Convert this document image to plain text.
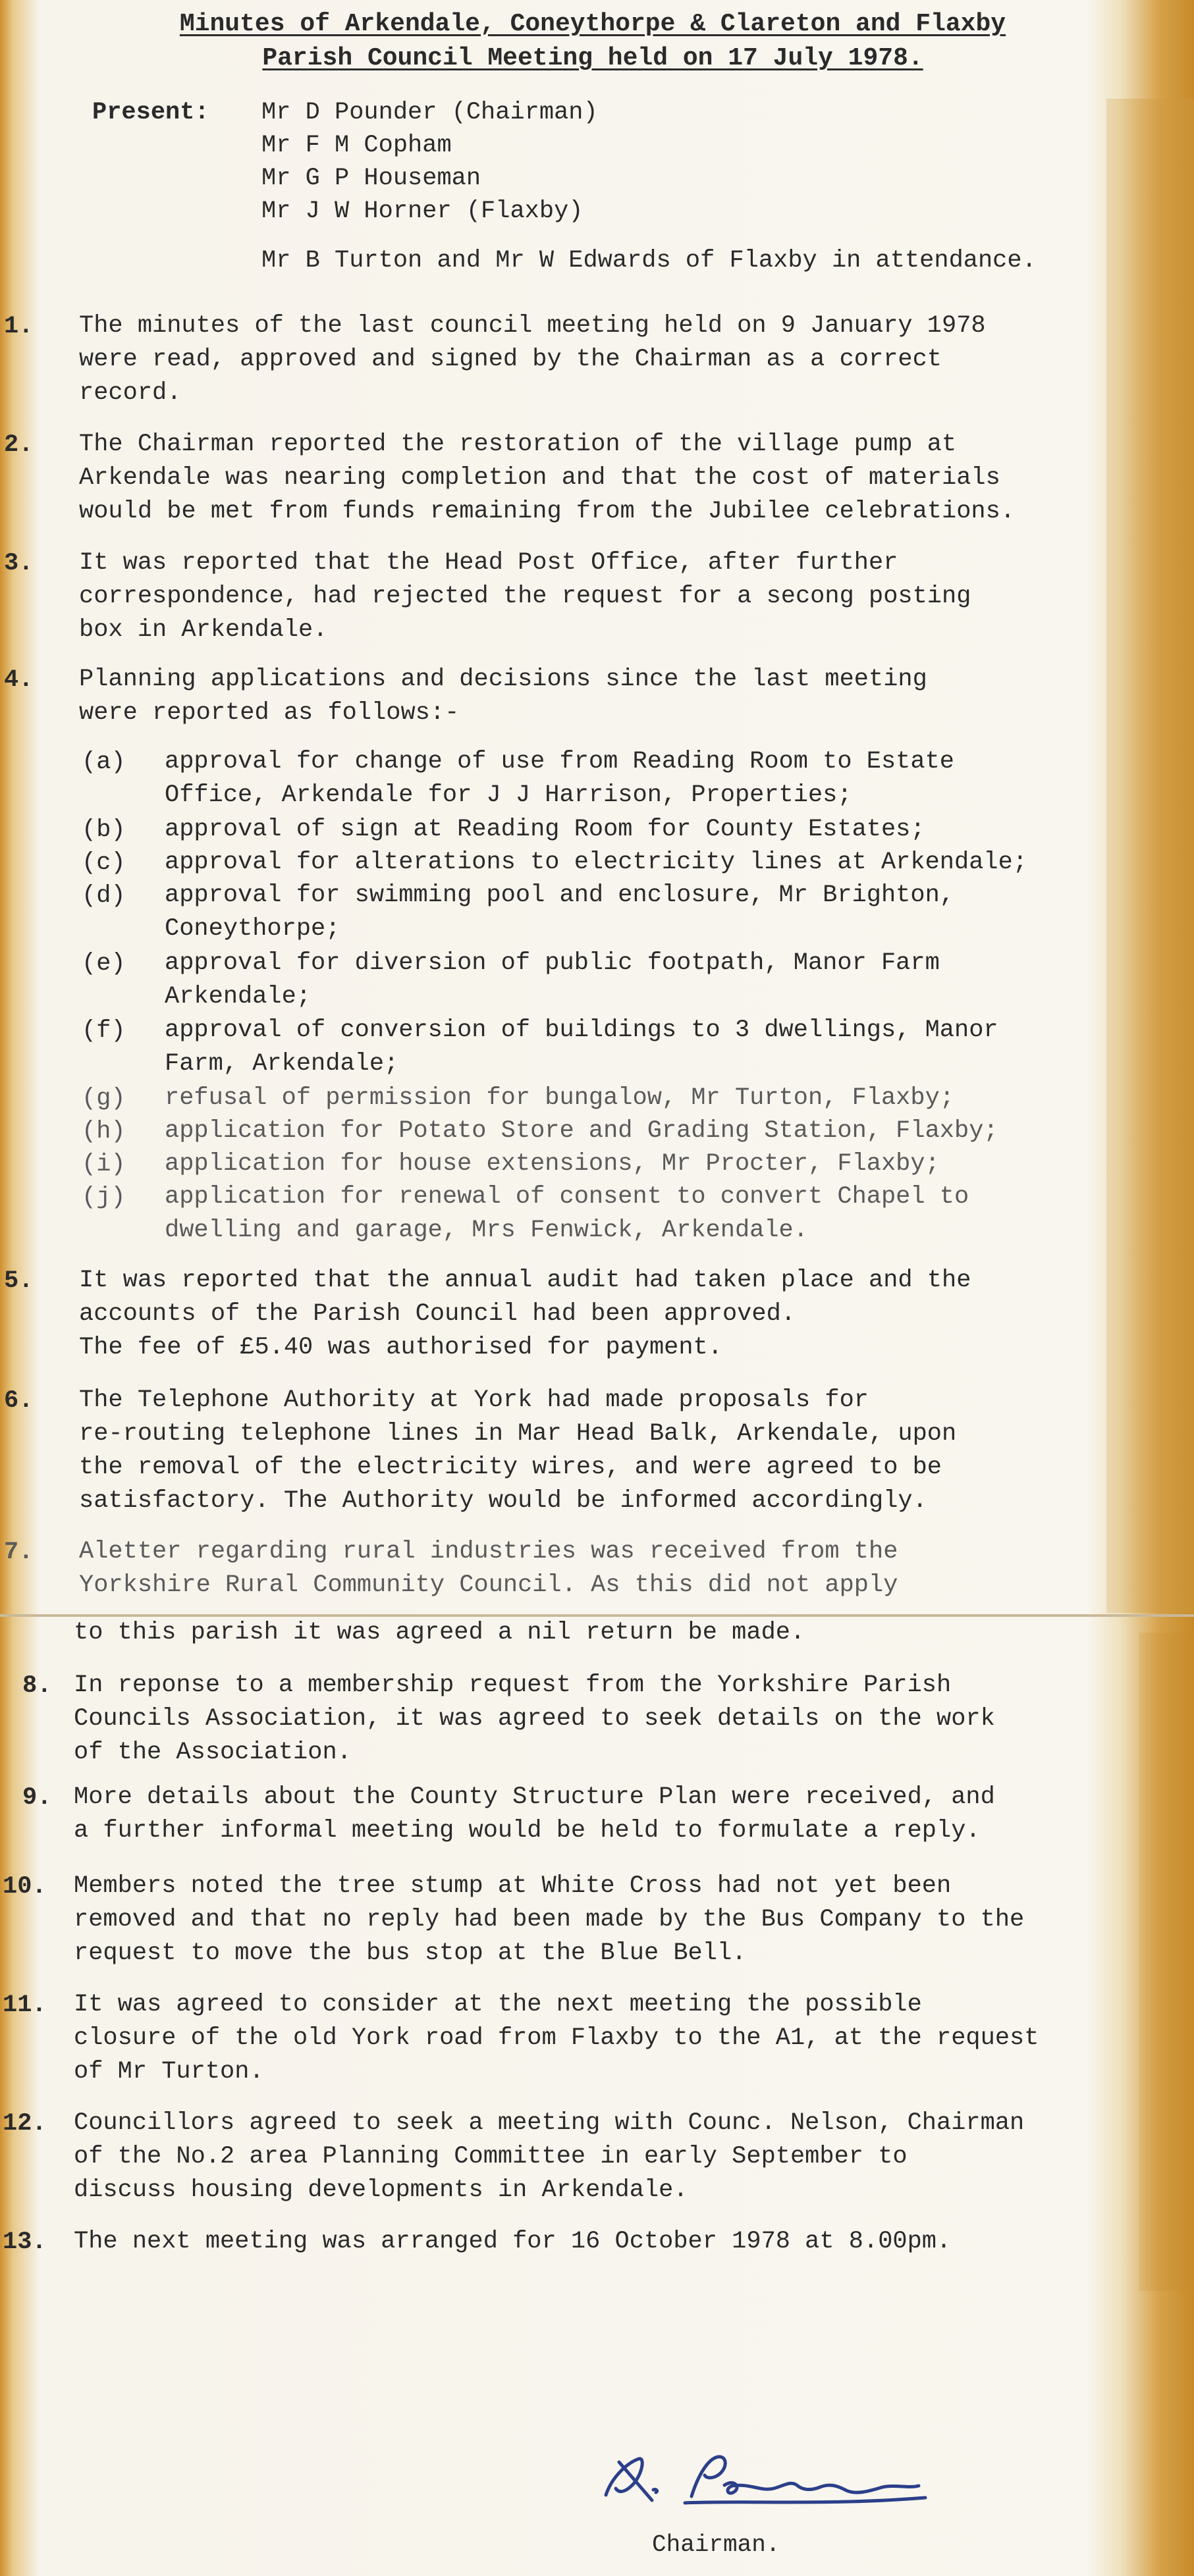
Minutes of Arkendale, Coneythorpe & Clareton and Flaxby
Parish Council Meeting held on 17 July 1978.
Present: Mr D Pounder (Chairman)
Mr F M Copham
Mr G P Houseman
Mr J W Horner (Flaxby)
Mr B Turton and Mr W Edwards of Flaxby in attendance.
1. The minutes of the last council meeting held on 9 January 1978
were read, approved and signed by the Chairman as a correct
record.
2. The Chairman reported the restoration of the village pump at
Arkendale was nearing completion and that the cost of materials
would be met from funds remaining from the Jubilee celebrations.
3. It was reported that the Head Post Office, after further
correspondence, had rejected the request for a secong posting
box in Arkendale.
4. Planning applications and decisions since the last meeting
were reported as follows:-
(a) approval for change of use from Reading Room to Estate
Office, Arkendale for J J Harrison, Properties;
(b) approval of sign at Reading Room for County Estates;
(c) approval for alterations to electricity lines at Arkendale;
(d) approval for swimming pool and enclosure, Mr Brighton,
Coneythorpe;
(e) approval for diversion of public footpath, Manor Farm
Arkendale;
(f) approval of conversion of buildings to 3 dwellings, Manor
Farm, Arkendale;
(g) refusal of permission for bungalow, Mr Turton, Flaxby;
(h) application for Potato Store and Grading Station, Flaxby;
(i) application for house extensions, Mr Procter, Flaxby;
(j) application for renewal of consent to convert Chapel to
dwelling and garage, Mrs Fenwick, Arkendale.
5. It was reported that the annual audit had taken place and the
accounts of the Parish Council had been approved.
The fee of £5.40 was authorised for payment.
6. The Telephone Authority at York had made proposals for
re-routing telephone lines in Mar Head Balk, Arkendale, upon
the removal of the electricity wires, and were agreed to be
satisfactory. The Authority would be informed accordingly.
7. Aletter regarding rural industries was received from the
Yorkshire Rural Community Council. As this did not apply
to this parish it was agreed a nil return be made.
8. In reponse to a membership request from the Yorkshire Parish
Councils Association, it was agreed to seek details on the work
of the Association.
9. More details about the County Structure Plan were received, and
a further informal meeting would be held to formulate a reply.
10. Members noted the tree stump at White Cross had not yet been
removed and that no reply had been made by the Bus Company to the
request to move the bus stop at the Blue Bell.
11. It was agreed to consider at the next meeting the possible
closure of the old York road from Flaxby to the A1, at the request
of Mr Turton.
12. Councillors agreed to seek a meeting with Counc. Nelson, Chairman
of the No.2 area Planning Committee in early September to
discuss housing developments in Arkendale.
13. The next meeting was arranged for 16 October 1978 at 8.00pm.
Chairman.
